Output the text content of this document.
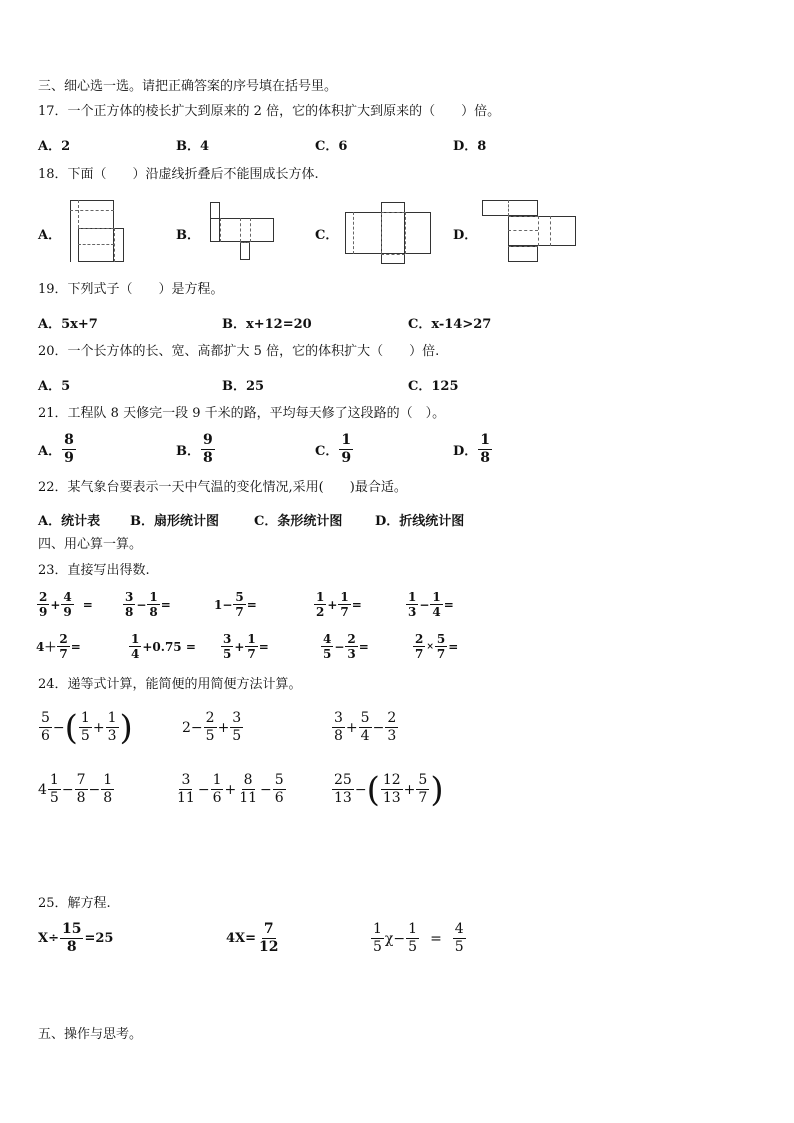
三、细心选一选。请把正确答案的序号填在括号里。
17．一个正方体的棱长扩大到原来的 2 倍，它的体积扩大到原来的（　　）倍。
A．2	B．4	C．6	D．8
18．下面（　　）沿虚线折叠后不能围成长方体.
A．	B．	C．	D．
19．下列式子（　　）是方程。
A．5x+7	B．x+12=20	C．x-14>27
20．一个长方体的长、宽、高都扩大 5 倍，它的体积扩大（　　）倍.
A．5	B．25	C．125
21．工程队 8 天修完一段 9 千米的路，平均每天修了这段路的（　）。
A． $\frac{8}{9}$	B． $\frac{9}{8}$	C． $\frac{1}{9}$	D． $\frac{1}{8}$
22．某气象台要表示一天中气温的变化情况,采用(　　)最合适。
A．统计表 B．扇形统计图	C．条形统计图	D．折线统计图
四、用心算一算。
23．直接写出得数.
$\frac{2}{9} + \frac{4}{9}$ =	$\frac{3}{8} - \frac{1}{8}$ =	$1- \frac{5}{7}$ =	$\frac{1}{2} + \frac{1}{7}$ =	$\frac{1}{3} - \frac{1}{4}$ =
$4+ \frac{2}{7}$ =	$\frac{1}{4} +0.75 = \frac{3}{5} + \frac{1}{7}$ =	$\frac{4}{5} - \frac{2}{3}$ =	$\frac{2}{7} \times \frac{5}{7}$ =
24．递等式计算，能简便的用简便方法计算。
$\frac{5}{6}$ − ( $\frac{1}{5} + \frac{1}{3}$ )	$2- \frac{2}{5} + \frac{3}{5}$	$\frac{3}{8} + \frac{5}{4} - \frac{2}{3}$
$4 \frac{1}{5} - \frac{7}{8} - \frac{1}{8}$	$\frac{3}{11} - \frac{1}{6} + \frac{8}{11} - \frac{5}{6}$	$\frac{25}{13}$ − ( $\frac{12}{13} + \frac{5}{7}$ )
25．解方程.
$X\div \frac{15}{8} =25$	$4X= \frac{7}{12}$	$\frac{1}{5} \chi- \frac{1}{5} = \frac{4}{5}$
五、操作与思考。
